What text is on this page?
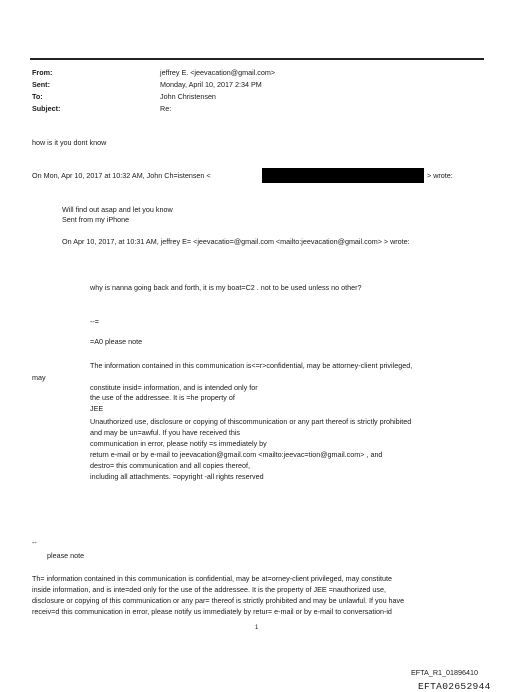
From:	jeffrey E. <jeevacation@gmail.com>

Sent:	Monday, April 10, 2017 2:34 PM

To:	John Christensen

Subject:	Re:

how is it you dont know

On Mon, Apr 10, 2017 at 10:32 AM, John Ch=istensen <	> wrote:

Will find out asap and let you know

Sent from my iPhone

On Apr 10, 2017, at 10:31 AM, jeffrey E= <jeevacatio=@gmail.com <mailto:jeevacation@gmail.com> > wrote:

why is nanna going back and forth, it is my boat=C2 . not to be used unless no other?

--=

=A0 please note

The information contained in this communication is<=r>confidential, may be attorney-client privileged,

may

constitute insid= information, and is intended only for

the use of the addressee. It is =he property of

JEE

Unauthorized use, disclosure or copying of thiscommunication or any part thereof is strictly prohibited

and may be un=awful. If you have received this

communication in error, please notify =s immediately by

return e-mail or by e-mail to jeevacation@gmail.com <mailto:jeevac=tion@gmail.com> , and

destro= this communication and all copies thereof,

including all attachments. =opyright -all rights reserved

--

please note

Th= information contained in this communication is confidential, may be at=orney-client privileged, may constitute

inside information, and is inte=ded only for the use of the addressee. It is the property of JEE =nauthorized use,

disclosure or copying of this communication or any par= thereof is strictly prohibited and may be unlawful. If you have

receiv=d this communication in error, please notify us immediately by retur= e-mail or by e-mail to conversation-id

1

EFTA_R1_01896410

EFTA02652944
